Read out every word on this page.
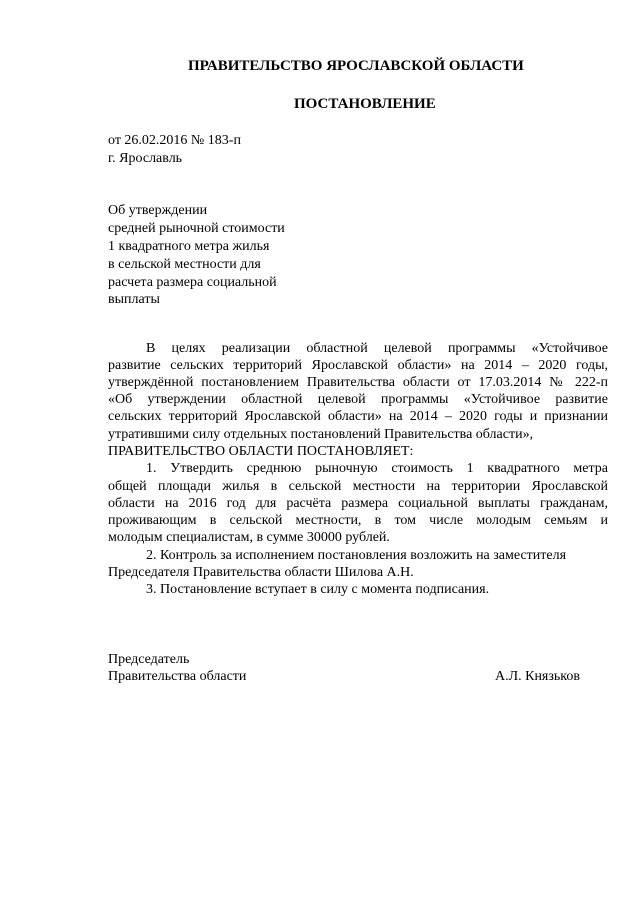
ПРАВИТЕЛЬСТВО ЯРОСЛАВСКОЙ ОБЛАСТИ
ПОСТАНОВЛЕНИЕ
от 26.02.2016 № 183-п
г. Ярославль
Об утверждении
средней рыночной стоимости
1 квадратного метра жилья
в сельской местности для
расчета размера социальной
выплаты
В целях реализации областной целевой программы «Устойчивое
развитие сельских территорий Ярославской области» на 2014 – 2020 годы,
утверждённой постановлением Правительства области от 17.03.2014 № 222-п
«Об утверждении областной целевой программы «Устойчивое развитие
сельских территорий Ярославской области» на 2014 – 2020 годы и признании
утратившими силу отдельных постановлений Правительства области»,
ПРАВИТЕЛЬСТВО ОБЛАСТИ ПОСТАНОВЛЯЕТ:
1. Утвердить среднюю рыночную стоимость 1 квадратного метра
общей площади жилья в сельской местности на территории Ярославской
области на 2016 год для расчёта размера социальной выплаты гражданам,
проживающим в сельской местности, в том числе молодым семьям и
молодым специалистам, в сумме 30000 рублей.
2. Контроль за исполнением постановления возложить на заместителя
Председателя Правительства области Шилова А.Н.
3. Постановление вступает в силу с момента подписания.
Председатель
Правительства области	А.Л. Князьков
